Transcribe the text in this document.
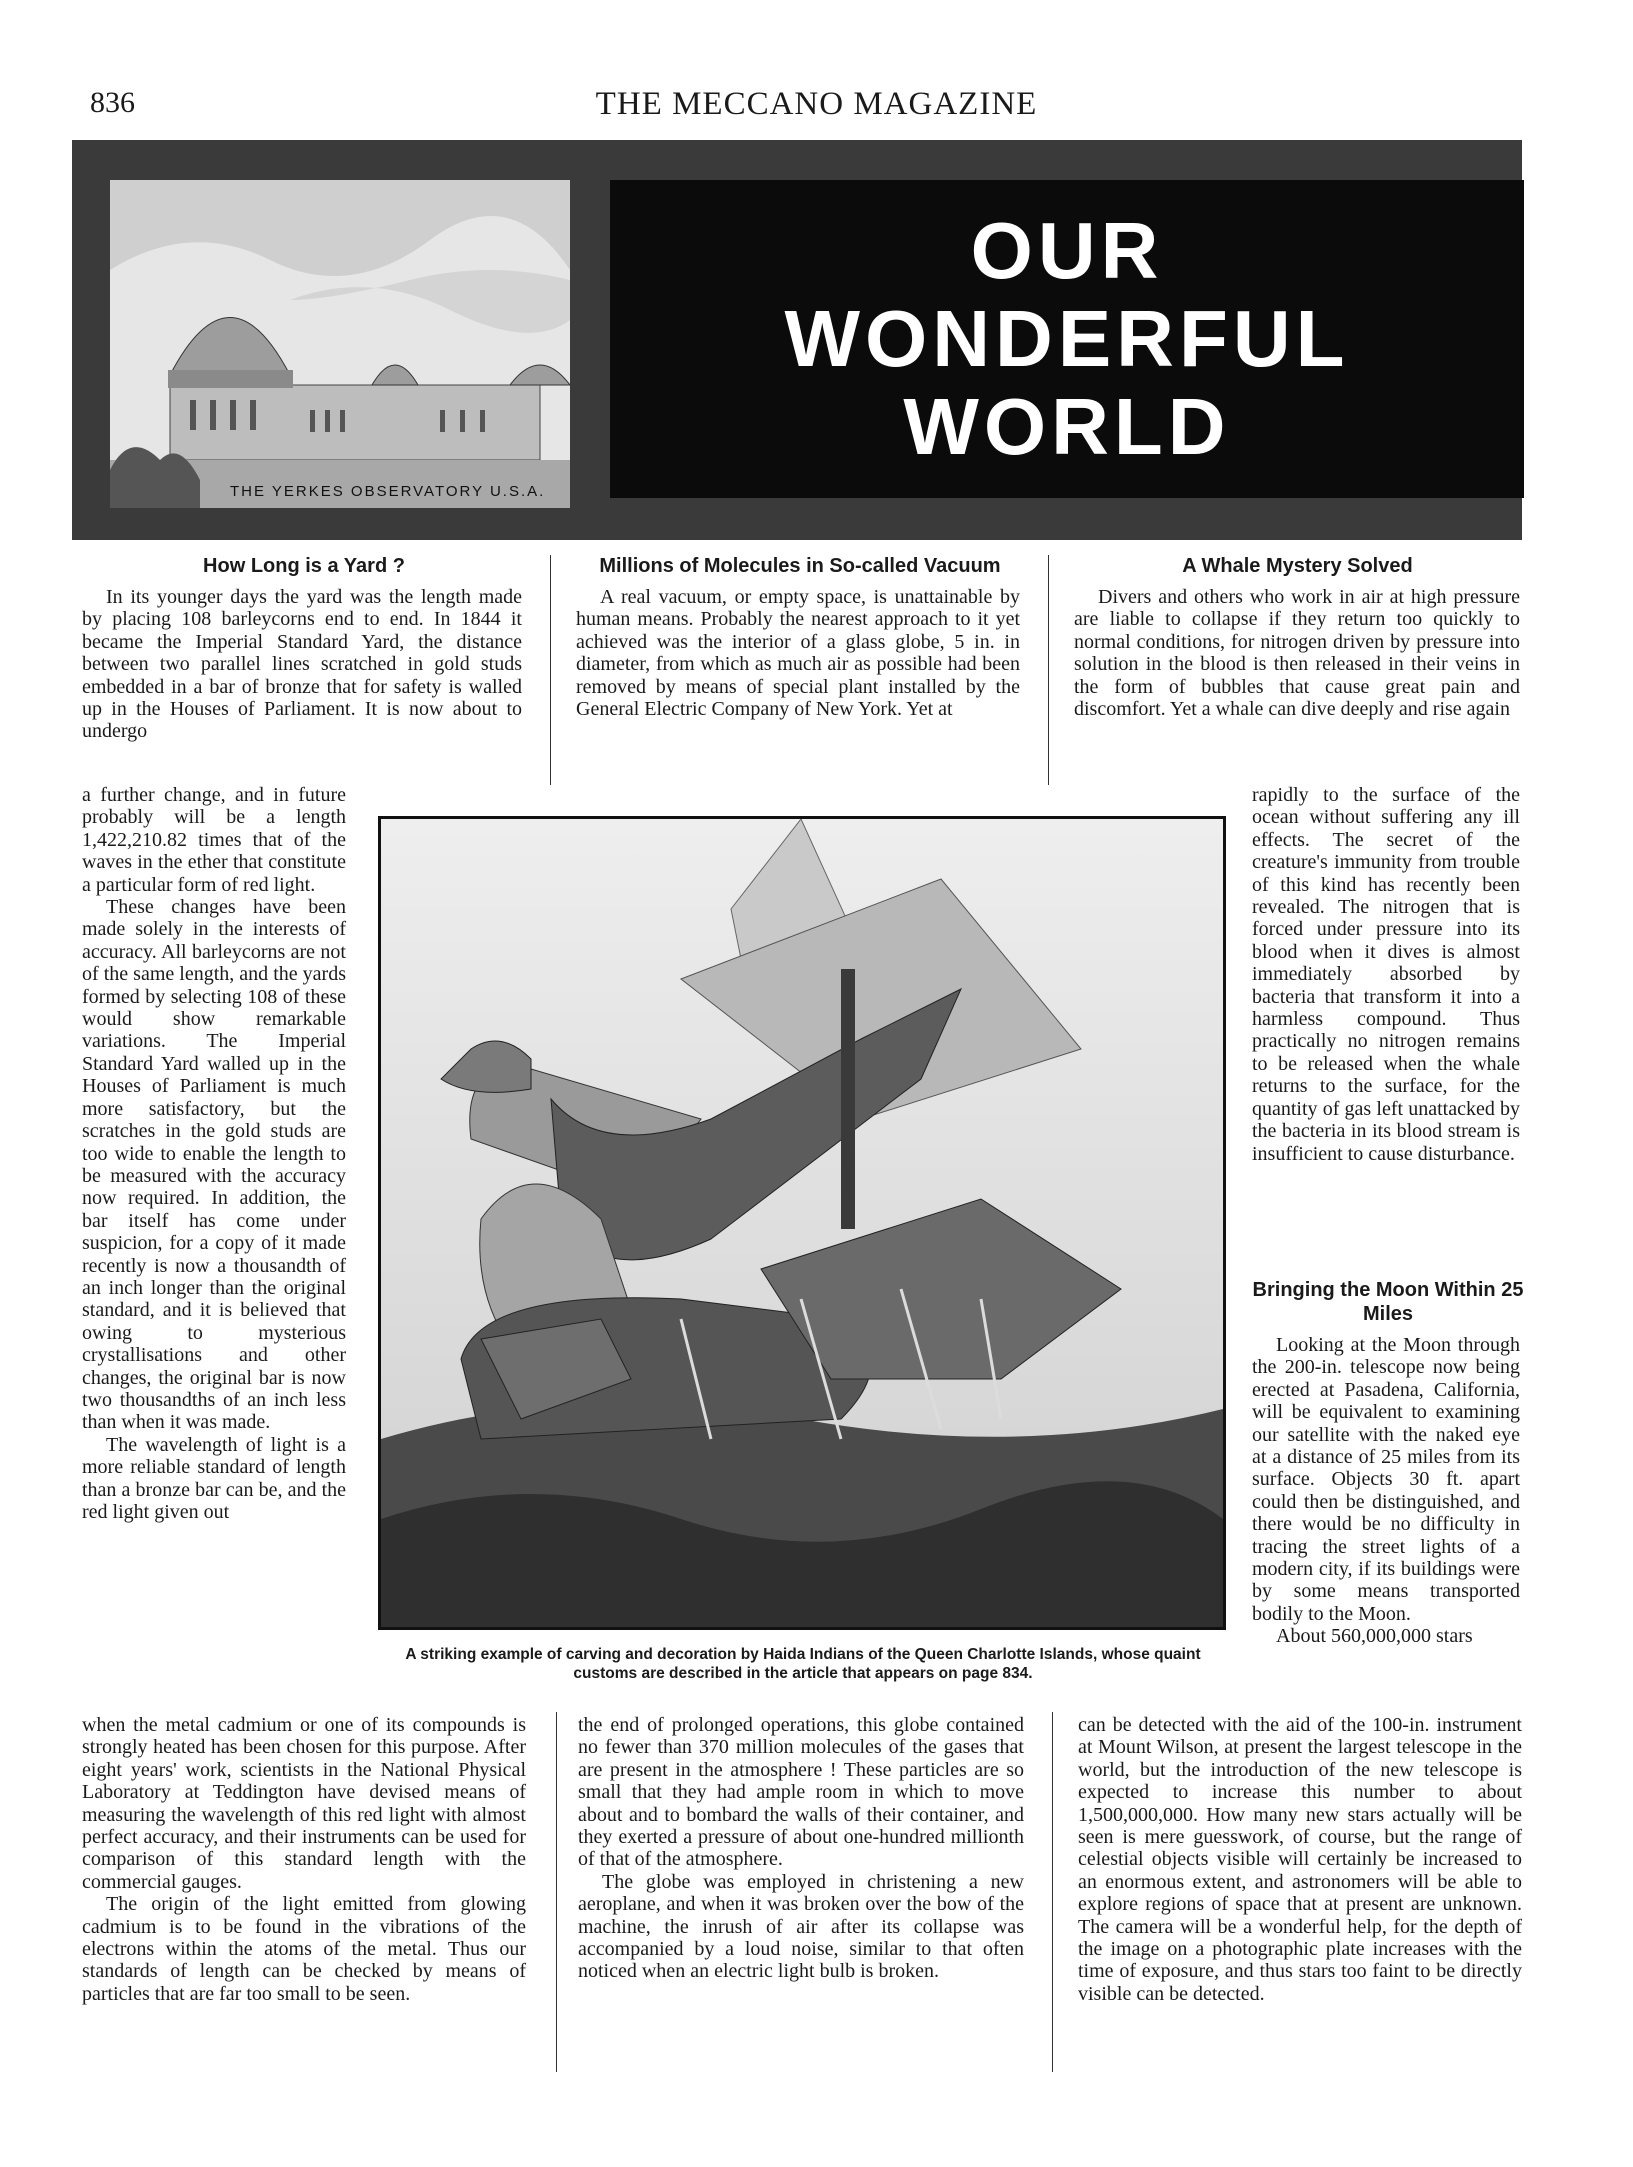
836	THE MECCANO MAGAZINE
THE YERKES OBSERVATORY U.S.A.
OUR
WONDERFUL
WORLD
How Long is a Yard ?

In its younger days the yard was the length made by placing 108 barleycorns end to end. In 1844 it became the Imperial Standard Yard, the distance between two parallel lines scratched in gold studs embedded in a bar of bronze that for safety is walled up in the Houses of Parliament. It is now about to undergo

a further change, and in future probably will be a length 1,422,210.82 times that of the waves in the ether that constitute a particular form of red light.

These changes have been made solely in the interests of accuracy. All barleycorns are not of the same length, and the yards formed by selecting 108 of these would show remarkable variations. The Imperial Standard Yard walled up in the Houses of Parliament is much more satisfactory, but the scratches in the gold studs are too wide to enable the length to be measured with the accuracy now required. In addition, the bar itself has come under suspicion, for a copy of it made recently is now a thousandth of an inch longer than the original standard, and it is believed that owing to mysterious crystallisations and other changes, the original bar is now two thousandths of an inch less than when it was made.

The wavelength of light is a more reliable standard of length than a bronze bar can be, and the red light given out

when the metal cadmium or one of its compounds is strongly heated has been chosen for this purpose. After eight years' work, scientists in the National Physical Laboratory at Teddington have devised means of measuring the wavelength of this red light with almost perfect accuracy, and their instruments can be used for comparison of this standard length with the commercial gauges.

The origin of the light emitted from glowing cadmium is to be found in the vibrations of the electrons within the atoms of the metal. Thus our standards of length can be checked by means of particles that are far too small to be seen.

Millions of Molecules in So-called Vacuum

A real vacuum, or empty space, is unattainable by human means. Probably the nearest approach to it yet achieved was the interior of a glass globe, 5 in. in diameter, from which as much air as possible had been removed by means of special plant installed by the General Electric Company of New York. Yet at

the end of prolonged operations, this globe contained no fewer than 370 million molecules of the gases that are present in the atmosphere ! These particles are so small that they had ample room in which to move about and to bombard the walls of their container, and they exerted a pressure of about one-hundred millionth of that of the atmosphere.

The globe was employed in christening a new aeroplane, and when it was broken over the bow of the machine, the inrush of air after its collapse was accompanied by a loud noise, similar to that often noticed when an electric light bulb is broken.

A Whale Mystery Solved

Divers and others who work in air at high pressure are liable to collapse if they return too quickly to normal conditions, for nitrogen driven by pressure into solution in the blood is then released in their veins in the form of bubbles that cause great pain and discomfort. Yet a whale can dive deeply and rise again

rapidly to the surface of the ocean without suffering any ill effects. The secret of the creature's immunity from trouble of this kind has recently been revealed. The nitrogen that is forced under pressure into its blood when it dives is almost immediately absorbed by bacteria that transform it into a harmless compound. Thus practically no nitrogen remains to be released when the whale returns to the surface, for the quantity of gas left unattacked by the bacteria in its blood stream is insufficient to cause disturbance.

Bringing the Moon Within 25 Miles

Looking at the Moon through the 200-in. telescope now being erected at Pasadena, California, will be equivalent to examining our satellite with the naked eye at a distance of 25 miles from its surface. Objects 30 ft. apart could then be distinguished, and there would be no difficulty in tracing the street lights of a modern city, if its buildings were by some means transported bodily to the Moon.

About 560,000,000 stars

can be detected with the aid of the 100-in. instrument at Mount Wilson, at present the largest telescope in the world, but the introduction of the new telescope is expected to increase this number to about 1,500,000,000. How many new stars actually will be seen is mere guesswork, of course, but the range of celestial objects visible will certainly be increased to an enormous extent, and astronomers will be able to explore regions of space that at present are unknown. The camera will be a wonderful help, for the depth of the image on a photographic plate increases with the time of exposure, and thus stars too faint to be directly visible can be detected.

A striking example of carving and decoration by Haida Indians of the Queen Charlotte Islands, whose quaint customs are described in the article that appears on page 834.
